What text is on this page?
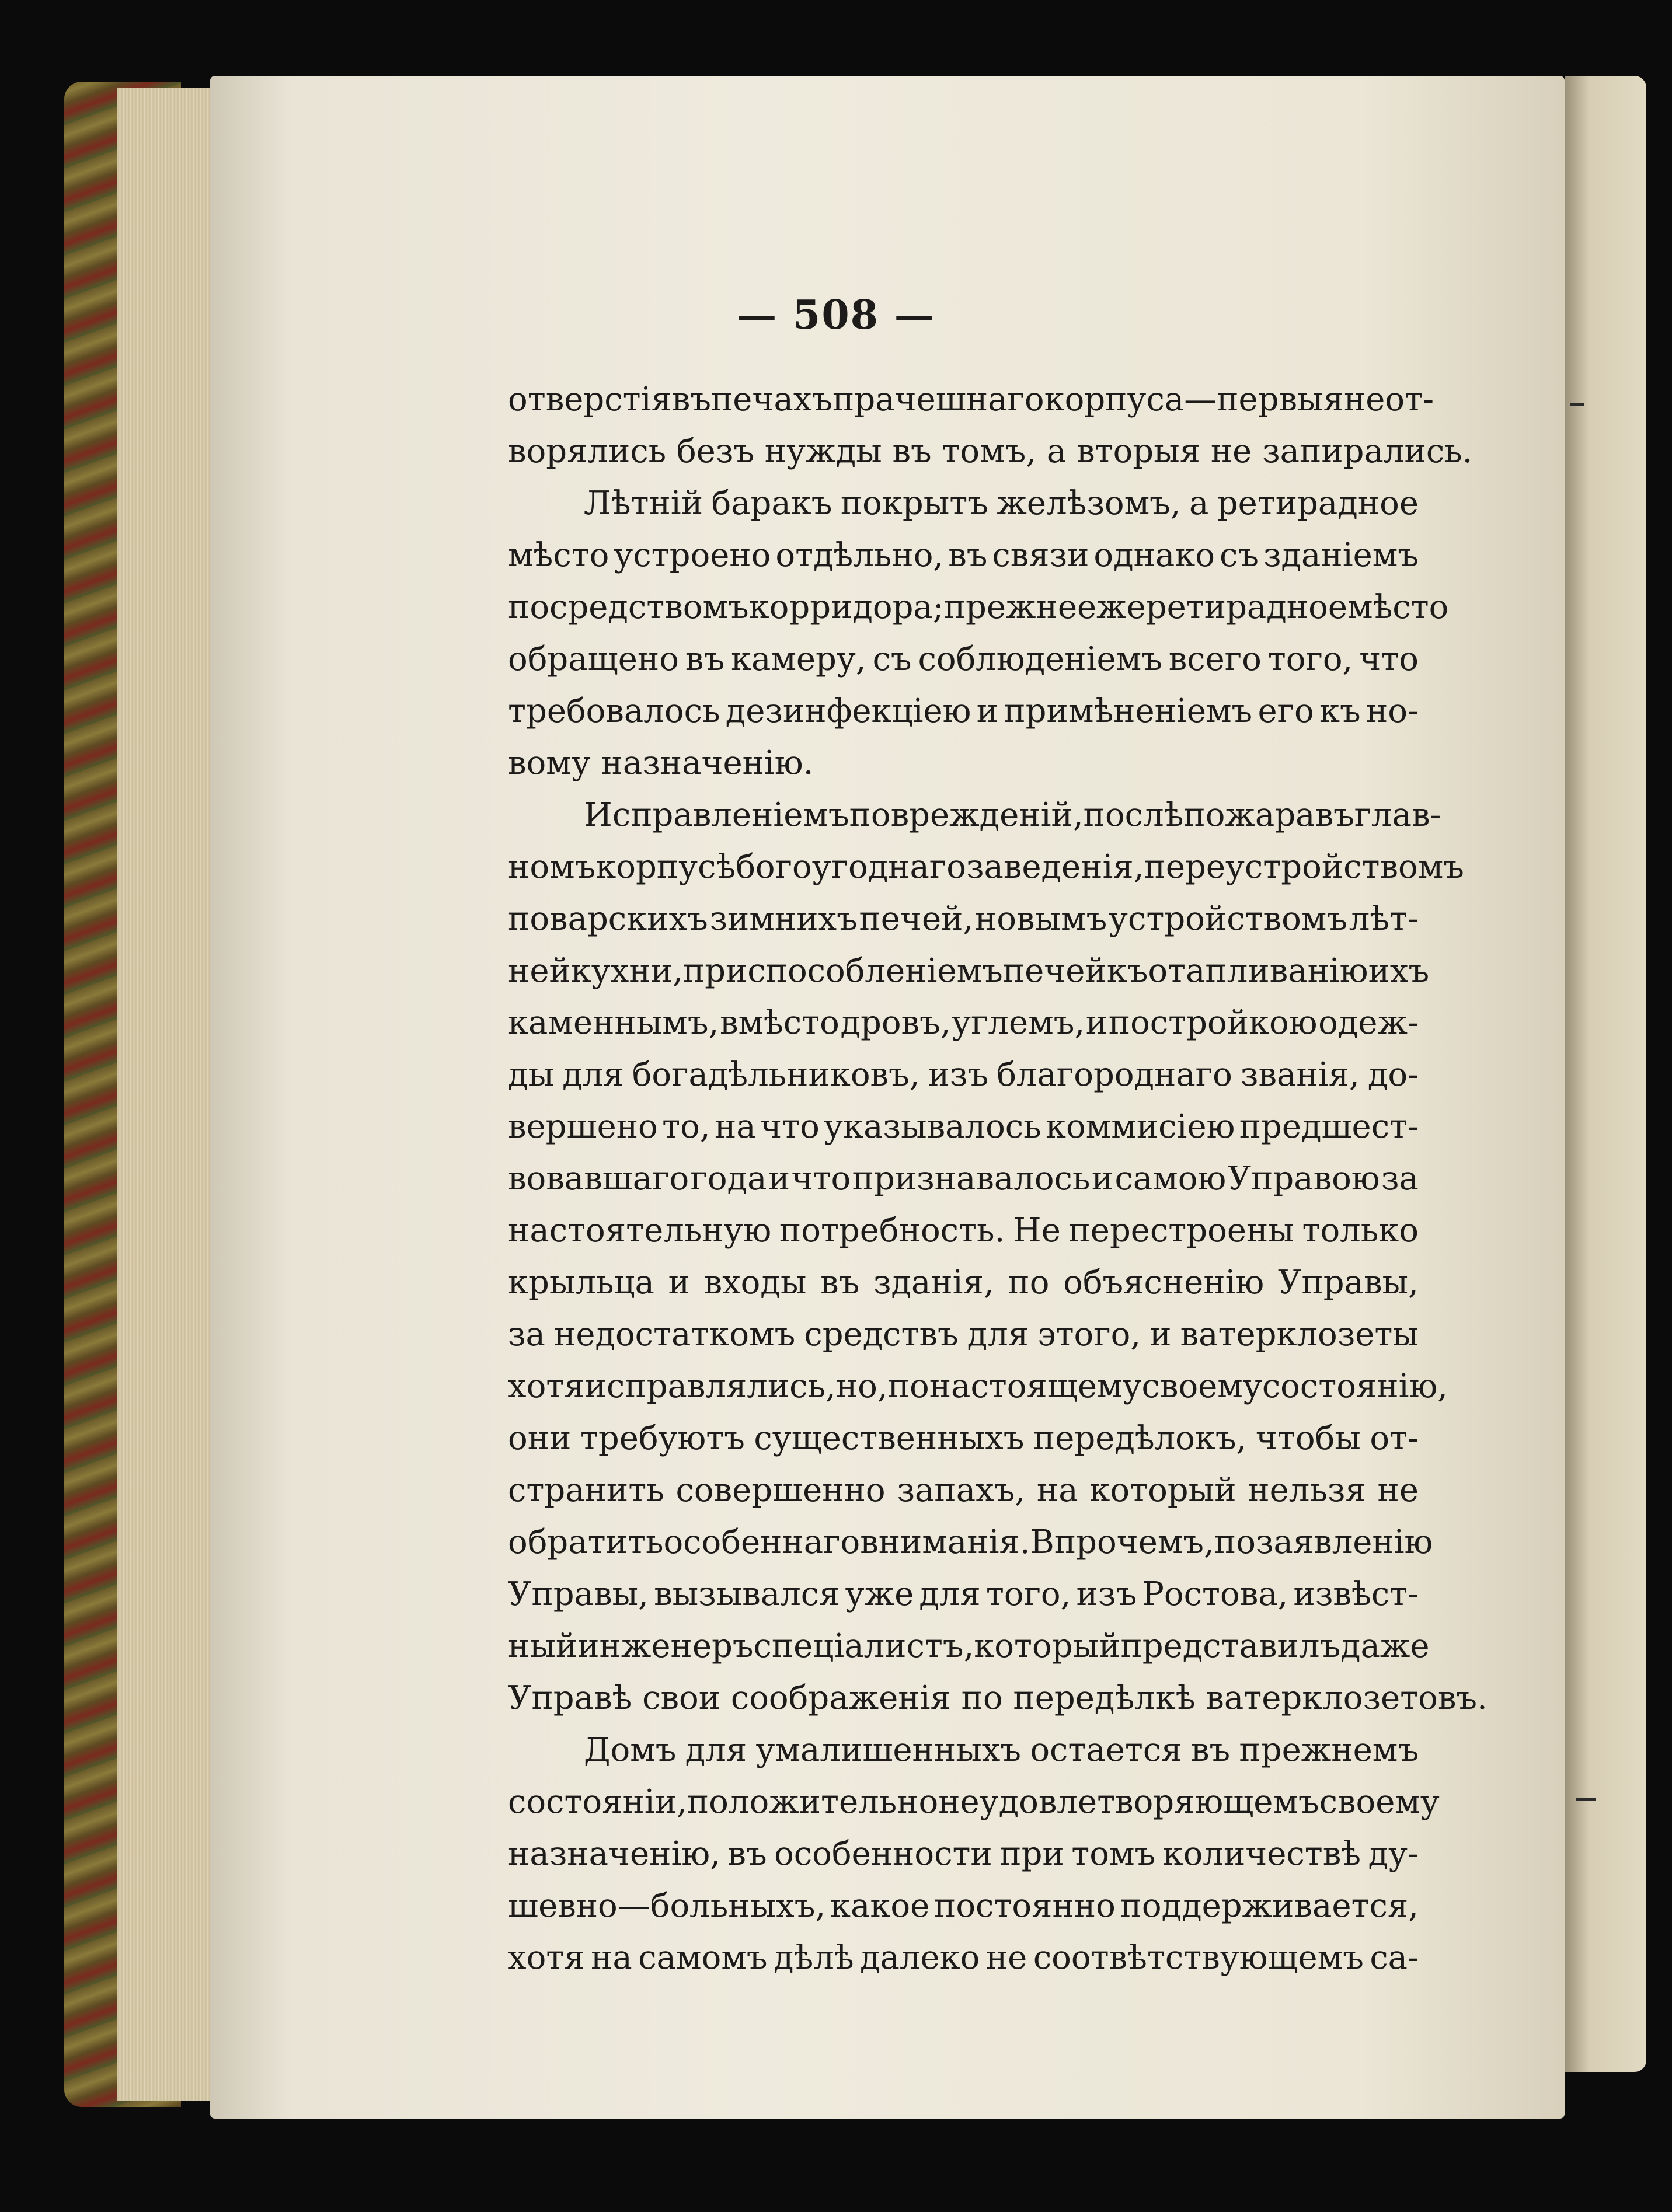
— 508 —
отверстія въ печахъ прачешнаго корпуса—первыя не от-
ворялись безъ нужды въ томъ, а вторыя не запирались.
Лѣтній баракъ покрытъ желѣзомъ, а ретирадное
мѣсто устроено отдѣльно, въ связи однако съ зданіемъ
посредствомъ корридора; прежнее же ретирадное мѣсто
обращено въ камеру, съ соблюденіемъ всего того, что
требовалось дезинфекціею и примѣненіемъ его къ но-
вому назначенію.
Исправленіемъ поврежденій, послѣ пожара въ глав-
номъ корпусѣ богоугоднаго заведенія, переустройствомъ
поварскихъ зимнихъ печей, новымъ устройствомъ лѣт-
ней кухни, приспособленіемъ печей къ отапливанію ихъ
каменнымъ, вмѣсто дровъ, углемъ, и постройкою одеж-
ды для богадѣльниковъ, изъ благороднаго званія, до-
вершено то, на что указывалось коммисіею предшест-
вовавшаго года и что признавалось и самою Управою за
настоятельную потребность. Не перестроены только
крыльца и входы въ зданія, по объясненію Управы,
за недостаткомъ средствъ для этого, и ватерклозеты
хотя исправлялись, но, по настоящему своему состоянію,
они требуютъ существенныхъ передѣлокъ, чтобы от-
странить совершенно запахъ, на который нельзя не
обратить особеннаго вниманія. Впрочемъ, по заявленію
Управы, вызывался уже для того, изъ Ростова, извѣст-
ный инженеръ спеціалистъ, который представилъ даже
Управѣ свои соображенія по передѣлкѣ ватерклозетовъ.
Домъ для умалишенныхъ остается въ прежнемъ
состояніи, положительно неудовлетворяющемъ своему
назначенію, въ особенности при томъ количествѣ ду-
шевно—больныхъ, какое постоянно поддерживается,
хотя на самомъ дѣлѣ далеко не соотвѣтствующемъ са-
